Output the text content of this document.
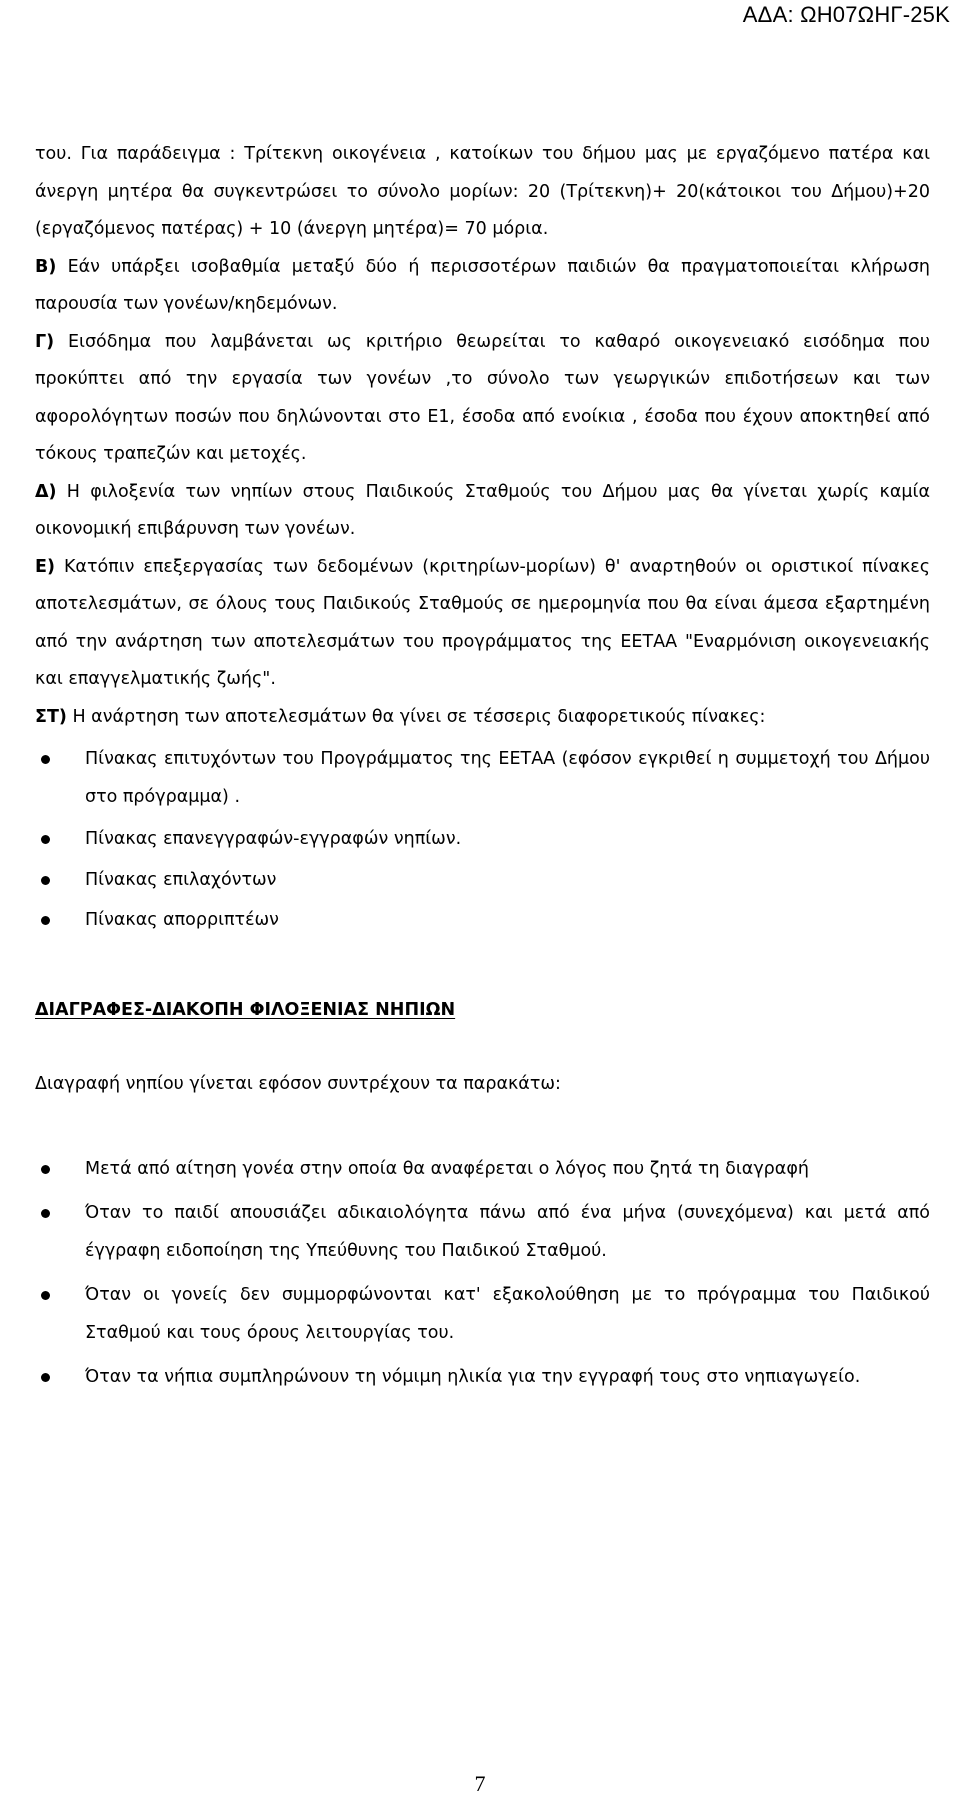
ΑΔΑ: ΩΗ07ΩΗΓ-25Κ

του. Για παράδειγμα : Τρίτεκνη οικογένεια , κατοίκων του δήμου μας με εργαζόμενο πατέρα και άνεργη μητέρα θα συγκεντρώσει το σύνολο μορίων: 20 (Τρίτεκνη)+ 20(κάτοικοι του Δήμου)+20 (εργαζόμενος πατέρας) + 10 (άνεργη μητέρα)= 70 μόρια.

Β) Εάν υπάρξει ισοβαθμία μεταξύ δύο ή περισσοτέρων παιδιών θα πραγματοποιείται κλήρωση παρουσία των γονέων/κηδεμόνων.

Γ) Εισόδημα που λαμβάνεται ως κριτήριο θεωρείται το καθαρό οικογενειακό εισόδημα που προκύπτει από την εργασία των γονέων ,το σύνολο των γεωργικών επιδοτήσεων και των αφορολόγητων ποσών που δηλώνονται στο Ε1, έσοδα από ενοίκια , έσοδα που έχουν αποκτηθεί από τόκους τραπεζών και μετοχές.

Δ) Η φιλοξενία των νηπίων στους Παιδικούς Σταθμούς του Δήμου μας θα γίνεται χωρίς καμία οικονομική επιβάρυνση των γονέων.

Ε) Κατόπιν επεξεργασίας των δεδομένων (κριτηρίων-μορίων) θ' αναρτηθούν οι οριστικοί πίνακες αποτελεσμάτων, σε όλους τους Παιδικούς Σταθμούς σε ημερομηνία που θα είναι άμεσα εξαρτημένη από την ανάρτηση των αποτελεσμάτων του προγράμματος της ΕΕΤΑΑ "Εναρμόνιση οικογενειακής και επαγγελματικής ζωής".

ΣΤ) Η ανάρτηση των αποτελεσμάτων θα γίνει σε τέσσερις διαφορετικούς πίνακες:

Πίνακας επιτυχόντων του Προγράμματος της ΕΕΤΑΑ (εφόσον εγκριθεί η συμμετοχή του Δήμου στο πρόγραμμα) .
Πίνακας επανεγγραφών-εγγραφών νηπίων.
Πίνακας επιλαχόντων
Πίνακας απορριπτέων

ΔΙΑΓΡΑΦΕΣ-ΔΙΑΚΟΠΗ ΦΙΛΟΞΕΝΙΑΣ ΝΗΠΙΩΝ

Διαγραφή νηπίου γίνεται εφόσον συντρέχουν τα παρακάτω:

Μετά από αίτηση γονέα στην οποία θα αναφέρεται ο λόγος που ζητά τη διαγραφή
Όταν το παιδί απουσιάζει αδικαιολόγητα πάνω από ένα μήνα (συνεχόμενα) και μετά από έγγραφη ειδοποίηση της Υπεύθυνης του Παιδικού Σταθμού.
Όταν οι γονείς δεν συμμορφώνονται κατ' εξακολούθηση με το πρόγραμμα του Παιδικού Σταθμού και τους όρους λειτουργίας του.
Όταν τα νήπια συμπληρώνουν τη νόμιμη ηλικία για την εγγραφή τους στο νηπιαγωγείο.
7
